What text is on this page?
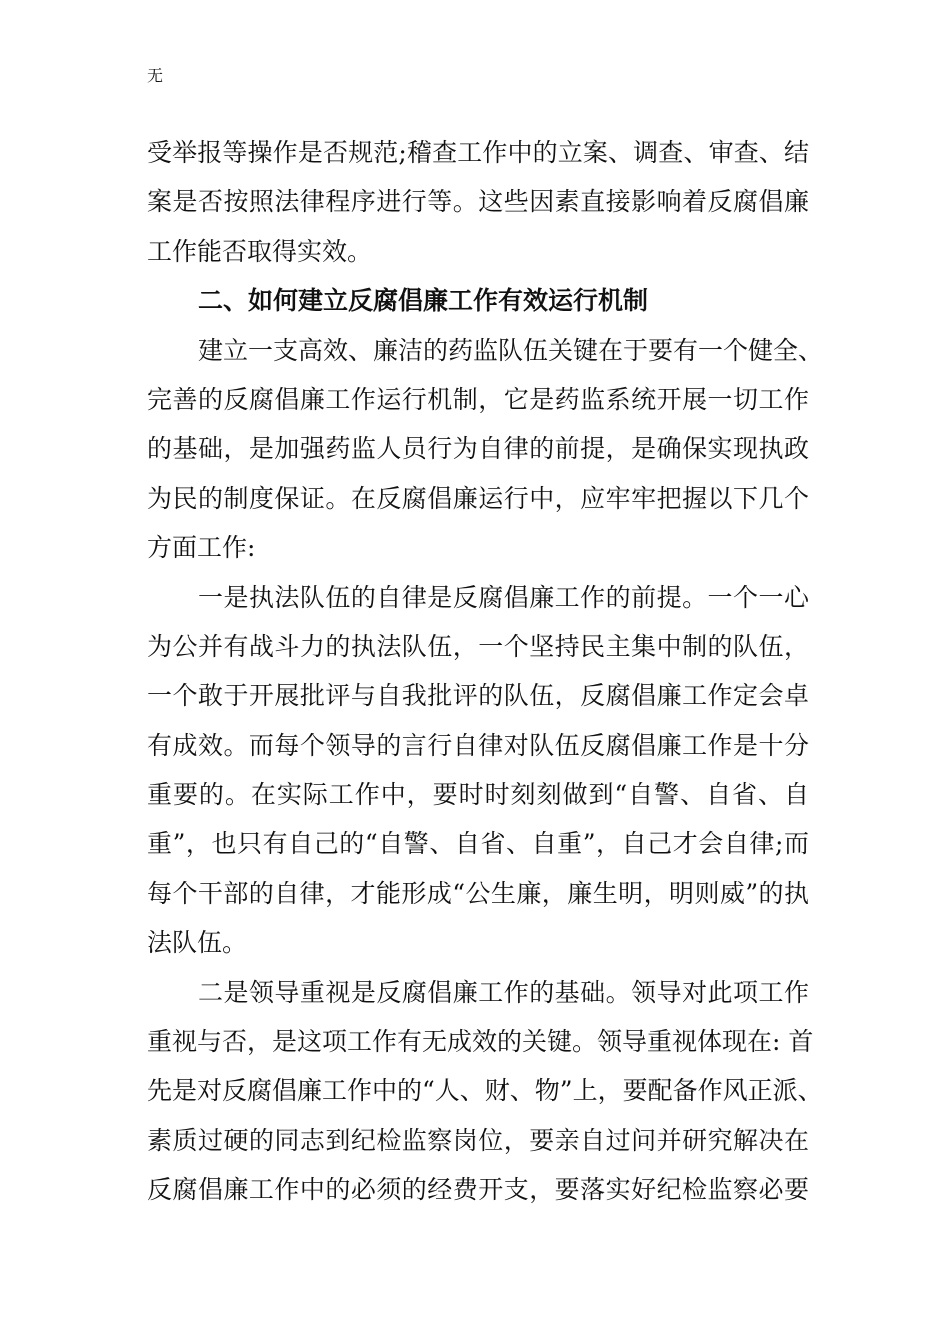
无
受举报等操作是否规范;稽查工作中的立案、调查、审查、结
案是否按照法律程序进行等。这些因素直接影响着反腐倡廉
工作能否取得实效。
二、如何建立反腐倡廉工作有效运行机制
建立一支高效、廉洁的药监队伍关键在于要有一个健全、
完善的反腐倡廉工作运行机制，它是药监系统开展一切工作
的基础，是加强药监人员行为自律的前提，是确保实现执政
为民的制度保证。在反腐倡廉运行中，应牢牢把握以下几个
方面工作:
一是执法队伍的自律是反腐倡廉工作的前提。一个一心
为公并有战斗力的执法队伍，一个坚持民主集中制的队伍，
一个敢于开展批评与自我批评的队伍，反腐倡廉工作定会卓
有成效。而每个领导的言行自律对队伍反腐倡廉工作是十分
重要的。在实际工作中，要时时刻刻做到“自警、自省、自
重”，也只有自己的“自警、自省、自重”，自己才会自律;而
每个干部的自律，才能形成“公生廉，廉生明，明则威”的执
法队伍。
二是领导重视是反腐倡廉工作的基础。领导对此项工作
重视与否，是这项工作有无成效的关键。领导重视体现在: 首
先是对反腐倡廉工作中的“人、财、物”上，要配备作风正派、
素质过硬的同志到纪检监察岗位，要亲自过问并研究解决在
反腐倡廉工作中的必须的经费开支，要落实好纪检监察必要
